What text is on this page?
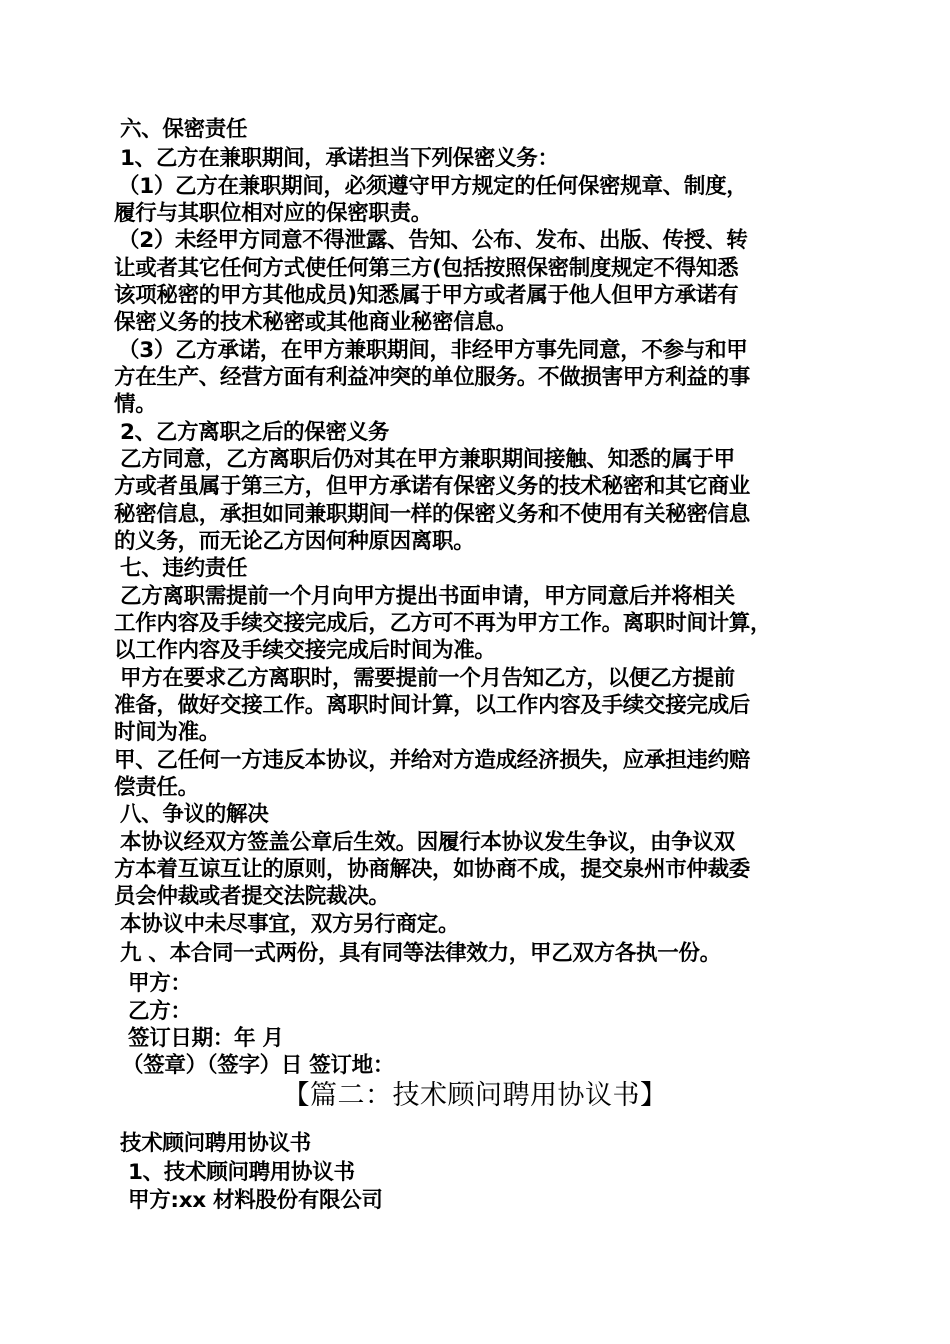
六、保密责任
1、乙方在兼职期间，承诺担当下列保密义务：
（1）乙方在兼职期间，必须遵守甲方规定的任何保密规章、制度，
履行与其职位相对应的保密职责。
（2）未经甲方同意不得泄露、告知、公布、发布、出版、传授、转
让或者其它任何方式使任何第三方(包括按照保密制度规定不得知悉
该项秘密的甲方其他成员)知悉属于甲方或者属于他人但甲方承诺有
保密义务的技术秘密或其他商业秘密信息。
（3）乙方承诺，在甲方兼职期间，非经甲方事先同意，不参与和甲
方在生产、经营方面有利益冲突的单位服务。不做损害甲方利益的事
情。
2、乙方离职之后的保密义务
乙方同意，乙方离职后仍对其在甲方兼职期间接触、知悉的属于甲
方或者虽属于第三方，但甲方承诺有保密义务的技术秘密和其它商业
秘密信息，承担如同兼职期间一样的保密义务和不使用有关秘密信息
的义务，而无论乙方因何种原因离职。
七、违约责任
乙方离职需提前一个月向甲方提出书面申请，甲方同意后并将相关
工作内容及手续交接完成后，乙方可不再为甲方工作。离职时间计算，
以工作内容及手续交接完成后时间为准。
甲方在要求乙方离职时，需要提前一个月告知乙方，以便乙方提前
准备，做好交接工作。离职时间计算，以工作内容及手续交接完成后
时间为准。
甲、乙任何一方违反本协议，并给对方造成经济损失，应承担违约赔
偿责任。
八、争议的解决
本协议经双方签盖公章后生效。因履行本协议发生争议，由争议双
方本着互谅互让的原则，协商解决，如协商不成，提交泉州市仲裁委
员会仲裁或者提交法院裁决。
本协议中未尽事宜，双方另行商定。
九 、本合同一式两份，具有同等法律效力，甲乙双方各执一份。
甲方：
乙方：
签订日期：年 月
（签章）（签字）日 签订地：
【篇二：技术顾问聘用协议书】
技术顾问聘用协议书
1、技术顾问聘用协议书
甲方:xx 材料股份有限公司
